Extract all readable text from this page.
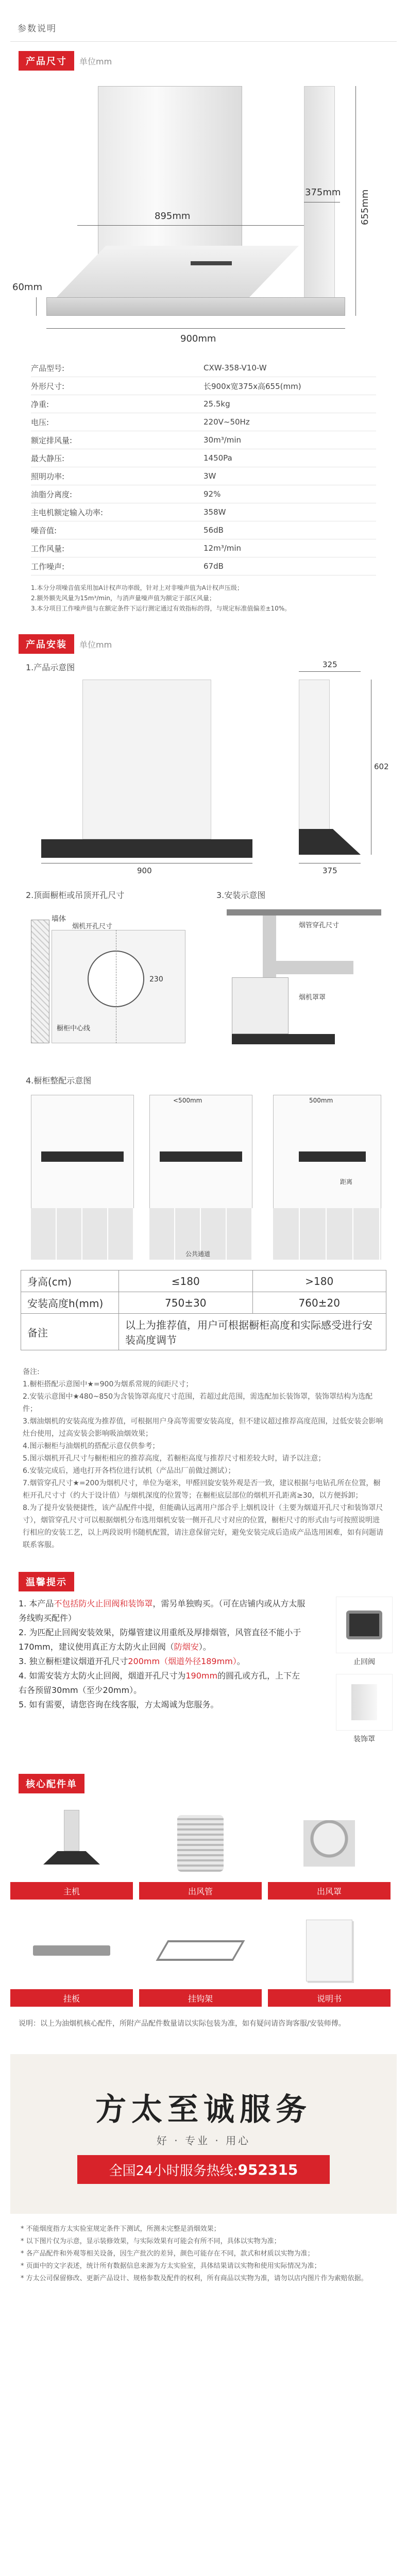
参数说明
产品尺寸	单位mm
895mm
375mm 655mm
60mm
900mm
产品型号:	CXW-358-V10-W
外形尺寸:	长900x宽375x高655(mm)
净重:	25.5kg
电压:	220V~50Hz
额定排风量:	30m³/min
最大静压:	1450Pa
照明功率:	3W
油脂分离度:	92%
主电机额定输入功率:	358W
噪音值:	56dB
工作风量:	12m³/min
工作噪声:	67dB
1.本分分项噪音值采用加A计权声功率级，针对上对非噪声值为A计权声压级；
2.额外额先风量为15m³/min，与消声量噪声值为额定于部区风量；
3.本分项目工作噪声值与在额定条件下运行测定通过有效指标的得，与规定标准值偏差±10%。
产品安装	单位mm
1.产品示意图
900
325
602
375
2.顶面橱柜或吊顶开孔尺寸	3.安装示意图
墙体
烟机开孔尺寸
230
橱柜中心线
烟管穿孔尺寸
烟机罩罩
4.橱柜整配示意图
<500mm
公共通道
500mm
距离
身高(cm)	≤180	>180
安装高度h(mm)	750±30	760±20
备注	以上为推荐值，用户可根据橱柜高度和实际感受进行安装高度调节	
备注:
1.橱柜搭配示意图中★=900为烟系常规的间距尺寸；
2.安装示意图中★480~850为含装饰罩高度尺寸范围，若超过此范围，需选配加长装饰罩，装饰罩结构为选配件；
3.烟油烟机的安装高度为推荐值，可根据用户身高等需要安装高度，但不建议超过推荐高度范围，过低安装会影响灶台使用，过高安装会影响吸油烟效果；
4.图示橱柜与油烟机的搭配示意仅供参考；
5.图示烟机开孔尺寸与橱柜相应的推荐高度，若橱柜高度与推荐尺寸相差较大时，请予以注意；
6.安装完成后，通电打开各档位进行试机（产品出厂前做过测试）；
7.烟管穿孔尺寸★=200为烟机尺寸，单位为毫米，甲醛回旋安装外观是否一致，建议根据与电钻孔所在位置，橱柜开孔尺寸寸（约大于设计值）与烟机深度的位置等；在橱柜底层部位的烟机开孔距离≥30，以方便拆卸；
8.为了提升安装便捷性，该产品配件中提，但能确认远离用户部合乎上烟机设计（主要为烟道开孔尺寸和装饰罩尺寸），烟管穿孔尺寸可以根据烟机分布选用烟机安装一侧开孔尺寸对应的位置，橱柜尺寸的形式由与可按照说明进行相应的安装工艺，以上两段说明书随机配置，请注意保留完好，避免安装完成后造成产品选用困难，如有问题请联系客服。
温馨提示

1. 本产品不包括防火止回阀和装饰罩，需另单独购买。（可在店铺内或从方太服务线购买配件）

2. 为匹配止回阀安装效果，防爆管建议用重纸及厚排烟管，风管直径不能小于170mm，建议使用真正方太防火止回阀（防烟安）。

3. 独立橱柜建议烟道开孔尺寸200mm（烟道外径189mm）。

4. 如需安装方太防火止回阀，烟道开孔尺寸为190mm的圆孔或方孔，上下左右各预留30mm（至少20mm）。

5. 如有需要，请您咨询在线客服，方太竭诚为您服务。

止回阀
装饰罩
核心配件单
主机	出风管	出风罩
挂板	挂钩架	说明书
说明：以上为油烟机核心配件，所附产品配件数量请以实际包装为准，如有疑问请咨询客服/安装师傅。
方太至诚服务
好 · 专业 · 用心
全国24小时服务热线: 952315
* 不能烟度指方太实验室规定条件下测试，所测未完整是消烟效果；
* 以下图片仅为示意，显示装修效果，与实际效果有可能会有所不同，具体以实物为准；
* 各产品配件和外观等相关设备，因生产批次的差异，颜色可能存在不同，款式和材质以实物为准；
* 页面中的文字表述，统计所有数据信息来源为方太实验室，具体结果请以实物和使用实际情况为准；
* 方太公司保留修改、更新产品设计、规格参数及配件的权利，所有商品以实物为准，请勿以店内图片作为索赔依据。
